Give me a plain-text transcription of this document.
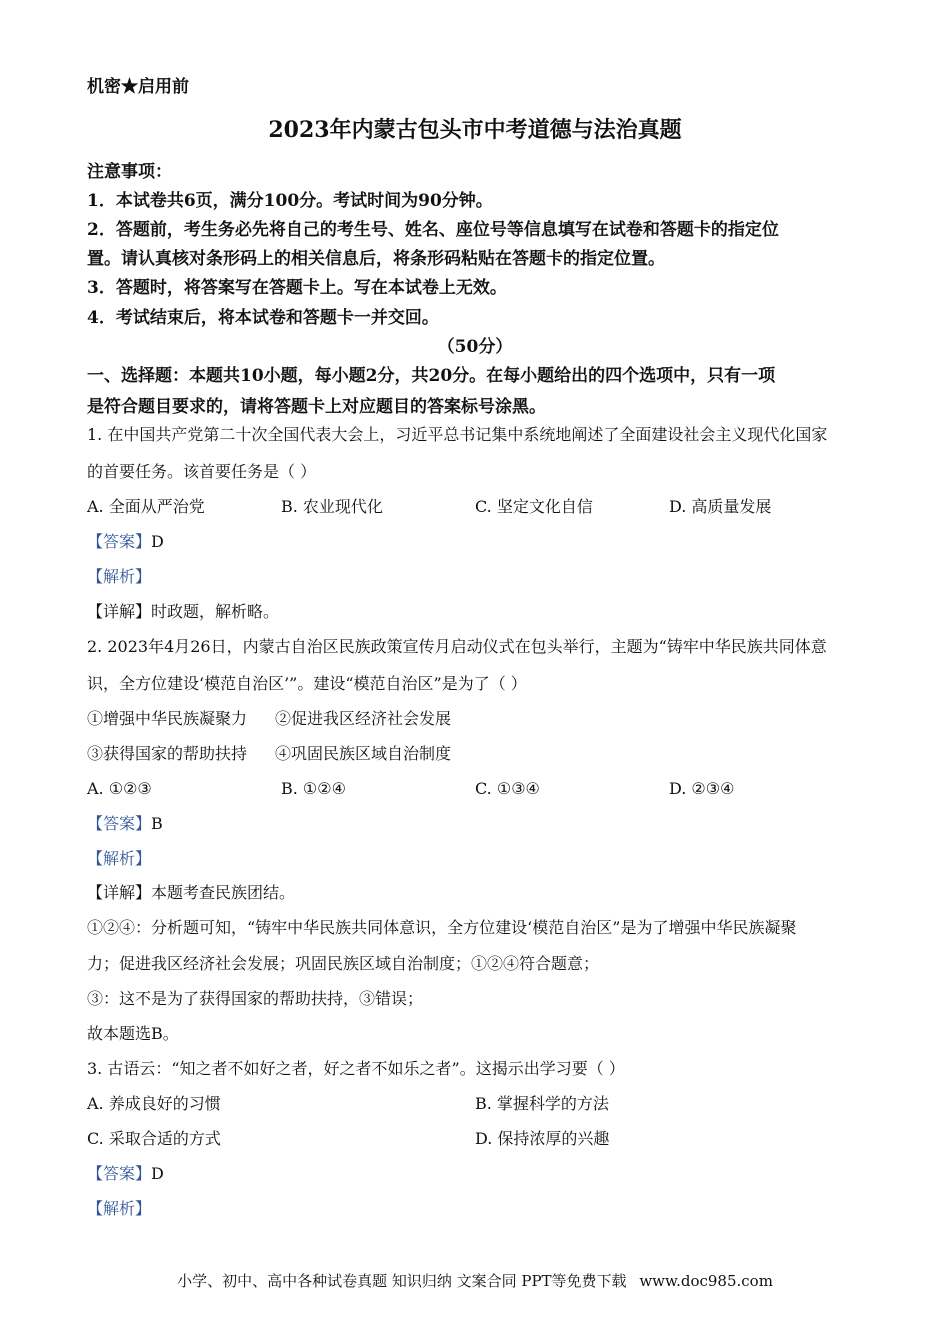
机密★启用前
2023年内蒙古包头市中考道德与法治真题
注意事项：
1．本试卷共6页，满分100分。考试时间为90分钟。
2．答题前，考生务必先将自己的考生号、姓名、座位号等信息填写在试卷和答题卡的指定位
置。请认真核对条形码上的相关信息后，将条形码粘贴在答题卡的指定位置。
3．答题时，将答案写在答题卡上。写在本试卷上无效。
4．考试结束后，将本试卷和答题卡一并交回。
（50分）
一、选择题：本题共10小题，每小题2分，共20分。在每小题给出的四个选项中，只有一项
是符合题目要求的，请将答题卡上对应题目的答案标号涂黑。
1. 在中国共产党第二十次全国代表大会上，习近平总书记集中系统地阐述了全面建设社会主义现代化国家
的首要任务。该首要任务是（ ）
A. 全面从严治党	B. 农业现代化	C. 坚定文化自信	D. 高质量发展
【答案】D
【解析】
【详解】时政题，解析略。
2. 2023年4月26日，内蒙古自治区民族政策宣传月启动仪式在包头举行，主题为“铸牢中华民族共同体意
识，全方位建设‘模范自治区’”。建设“模范自治区”是为了（ ）
①增强中华民族凝聚力 ②促进我区经济社会发展
③获得国家的帮助扶持 ④巩固民族区域自治制度
A. ①②③	B. ①②④	C. ①③④	D. ②③④
【答案】B
【解析】
【详解】本题考查民族团结。
①②④：分析题可知，“铸牢中华民族共同体意识，全方位建设‘模范自治区”是为了增强中华民族凝聚
力；促进我区经济社会发展；巩固民族区域自治制度；①②④符合题意；
③：这不是为了获得国家的帮助扶持，③错误；
故本题选B。
3. 古语云：“知之者不如好之者，好之者不如乐之者”。这揭示出学习要（ ）
A. 养成良好的习惯	B. 掌握科学的方法
C. 采取合适的方式	D. 保持浓厚的兴趣
【答案】D
【解析】
小学、初中、高中各种试卷真题 知识归纳 文案合同 PPT等免费下载 www.doc985.com
